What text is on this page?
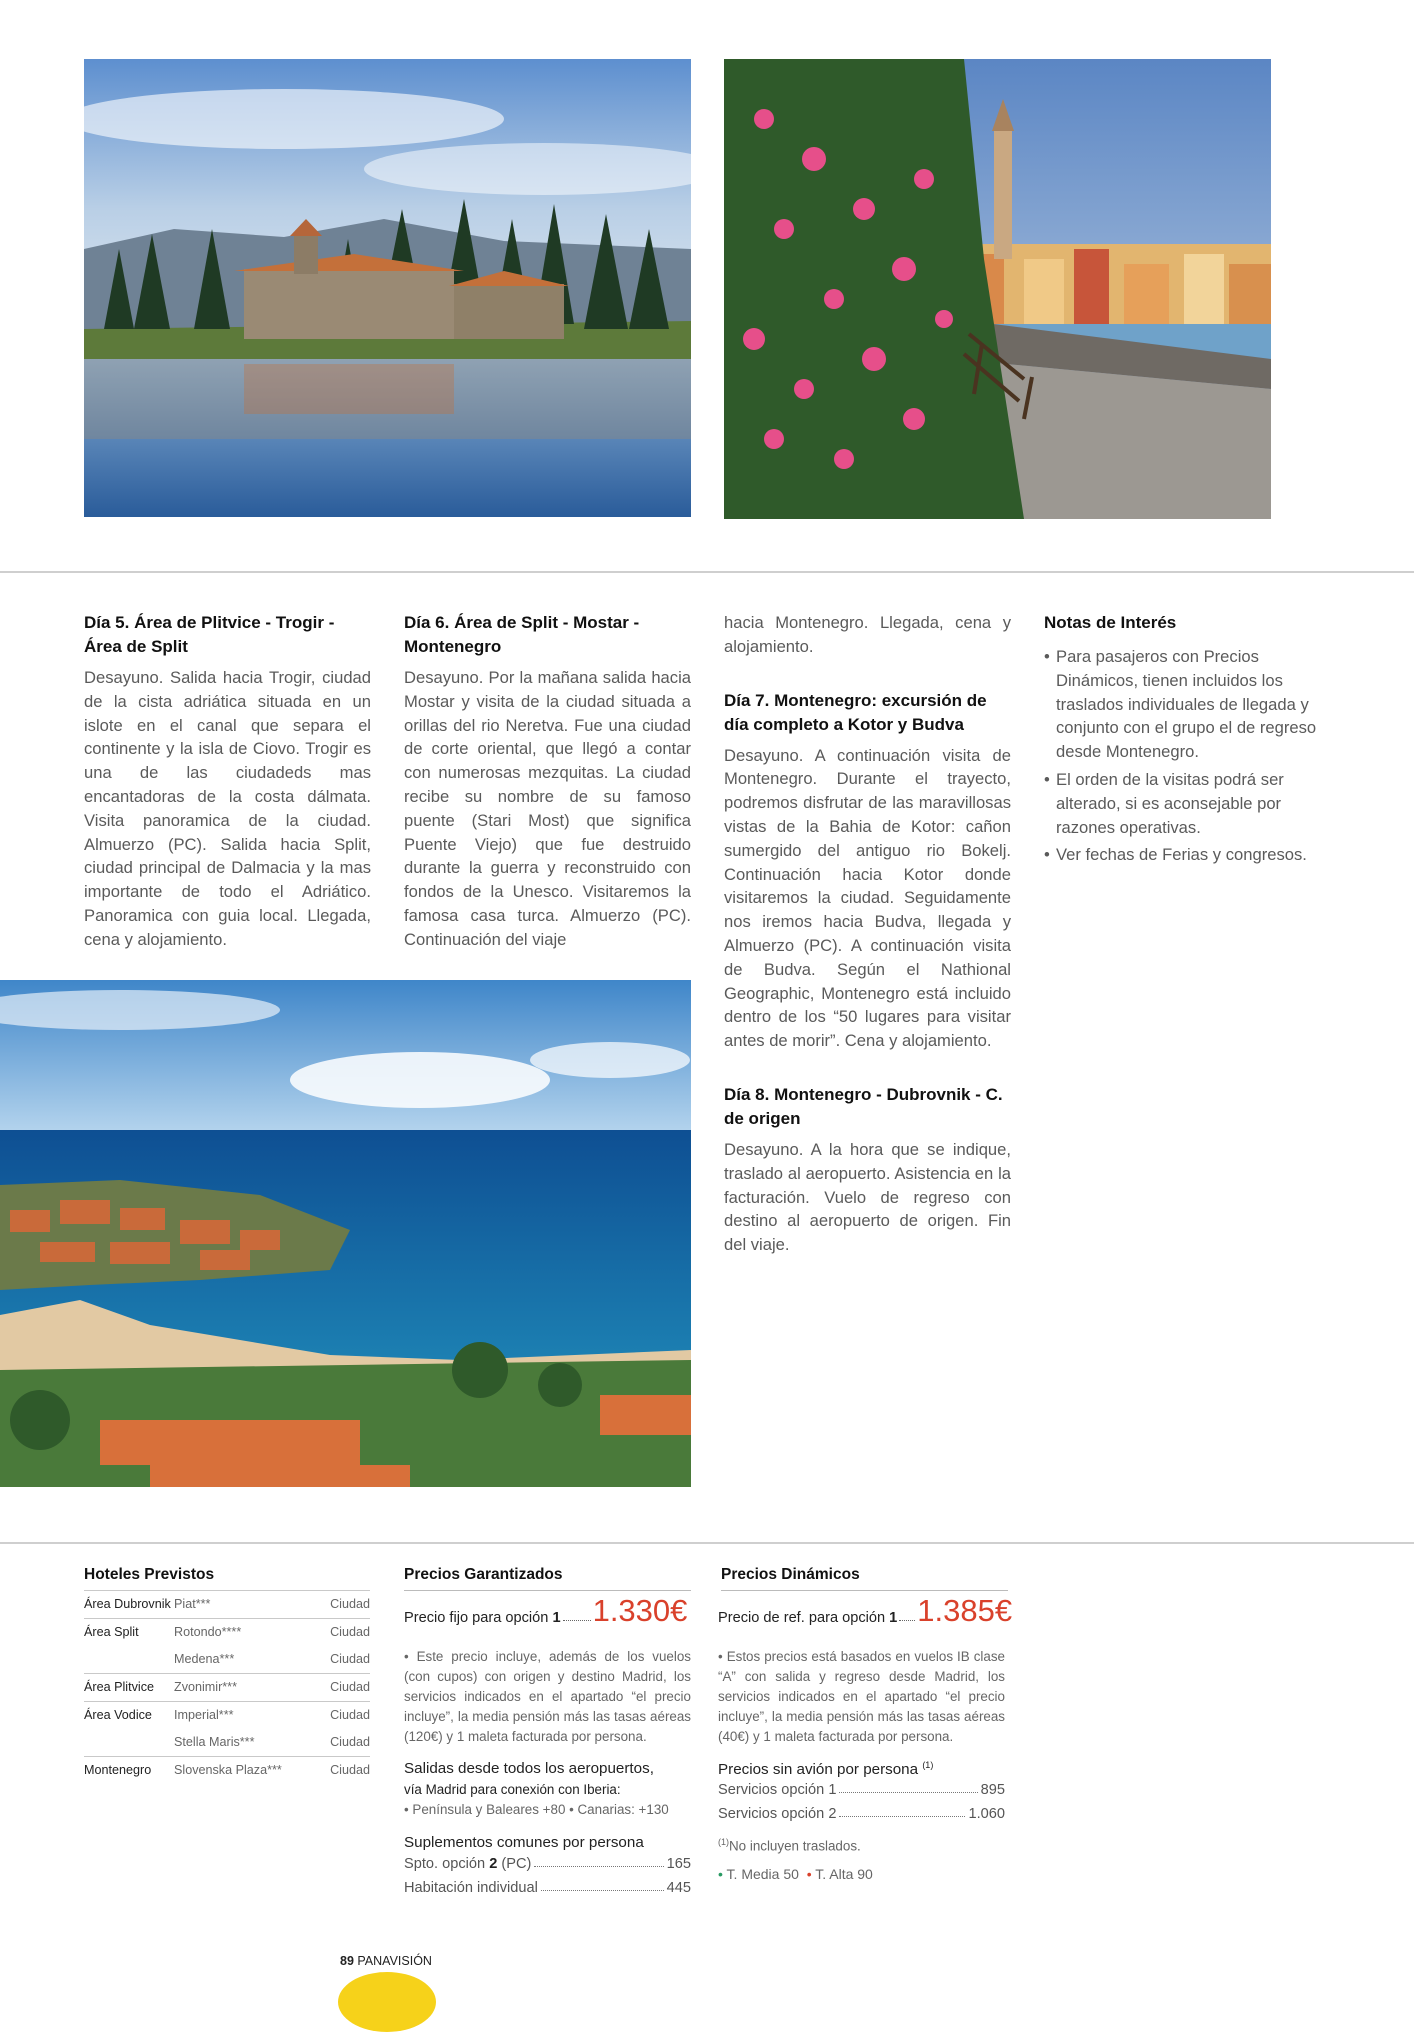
Día 5. Área de Plitvice - Trogir - Área de Split

Desayuno. Salida hacia Trogir, ciudad de la cista adriática situada en un islote en el canal que separa el continente y la isla de Ciovo. Trogir es una de las ciudadeds mas encantadoras de la costa dálmata. Visita panoramica de la ciudad. Almuerzo (PC). Salida hacia Split, ciudad principal de Dalmacia y la mas importante de todo el Adriático. Panoramica con guia local. Llegada, cena y alojamiento.

Día 6. Área de Split - Mostar - Montenegro

Desayuno. Por la mañana salida hacia Mostar y visita de la ciudad situada a orillas del rio Neretva. Fue una ciudad de corte oriental, que llegó a contar con numerosas mezquitas. La ciudad recibe su nombre de su famoso puente (Stari Most) que significa Puente Viejo) que fue destruido durante la guerra y reconstruido con fondos de la Unesco. Visitaremos la famosa casa turca. Almuerzo (PC). Continuación del viaje

hacia Montenegro. Llegada, cena y alojamiento.

Día 7. Montenegro: excursión de día completo a Kotor y Budva

Desayuno. A continuación visita de Montenegro. Durante el trayecto, podremos disfrutar de las maravillosas vistas de la Bahia de Kotor: cañon sumergido del antiguo rio Bokelj. Continuación hacia Kotor donde visitaremos la ciudad. Seguidamente nos iremos hacia Budva, llegada y Almuerzo (PC). A continuación visita de Budva. Según el Nathional Geographic, Montenegro está incluido dentro de los “50 lugares para visitar antes de morir”. Cena y alojamiento.

Día 8. Montenegro - Dubrovnik - C. de origen

Desayuno. A la hora que se indique, traslado al aeropuerto. Asistencia en la facturación. Vuelo de regreso con destino al aeropuerto de origen. Fin del viaje.

Notas de Interés
• Para pasajeros con Precios Dinámicos, tienen incluidos los traslados individuales de llegada y conjunto con el grupo el de regreso desde Montenegro.
• El orden de la visitas podrá ser alterado, si es aconsejable por razones operativas.
• Ver fechas de Ferias y congresos.
Hoteles Previstos
Área Dubrovnik	Piat***	Ciudad
Área Split	Rotondo****	Ciudad
	Medena***	Ciudad
Área Plitvice	Zvonimir***	Ciudad
Área Vodice	Imperial***	Ciudad
	Stella Maris***	Ciudad
Montenegro	Slovenska Plaza***	Ciudad
Precios Garantizados
Precio fijo para opción 1 1.330€
• Este precio incluye, además de los vuelos (con cupos) con origen y destino Madrid, los servicios indicados en el apartado “el precio incluye”, la media pensión más las tasas aéreas (120€) y 1 maleta facturada por persona.
Salidas desde todos los aeropuertos,
vía Madrid para conexión con Iberia:
• Península y Baleares +80 • Canarias: +130
Suplementos comunes por persona
Spto. opción 2 (PC)	165
Habitación individual	445
Precios Dinámicos
Precio de ref. para opción 1 1.385€
• Estos precios está basados en vuelos IB clase “A” con salida y regreso desde Madrid, los servicios indicados en el apartado “el precio incluye”, la media pensión más las tasas aéreas (40€) y 1 maleta facturada por persona.
Precios sin avión por persona $^{(1)}$
Servicios opción 1	895
Servicios opción 2	1.060
$^{(1)}$No incluyen traslados.
• T. Media 50 • T. Alta 90
89 PANAVISIÓN
